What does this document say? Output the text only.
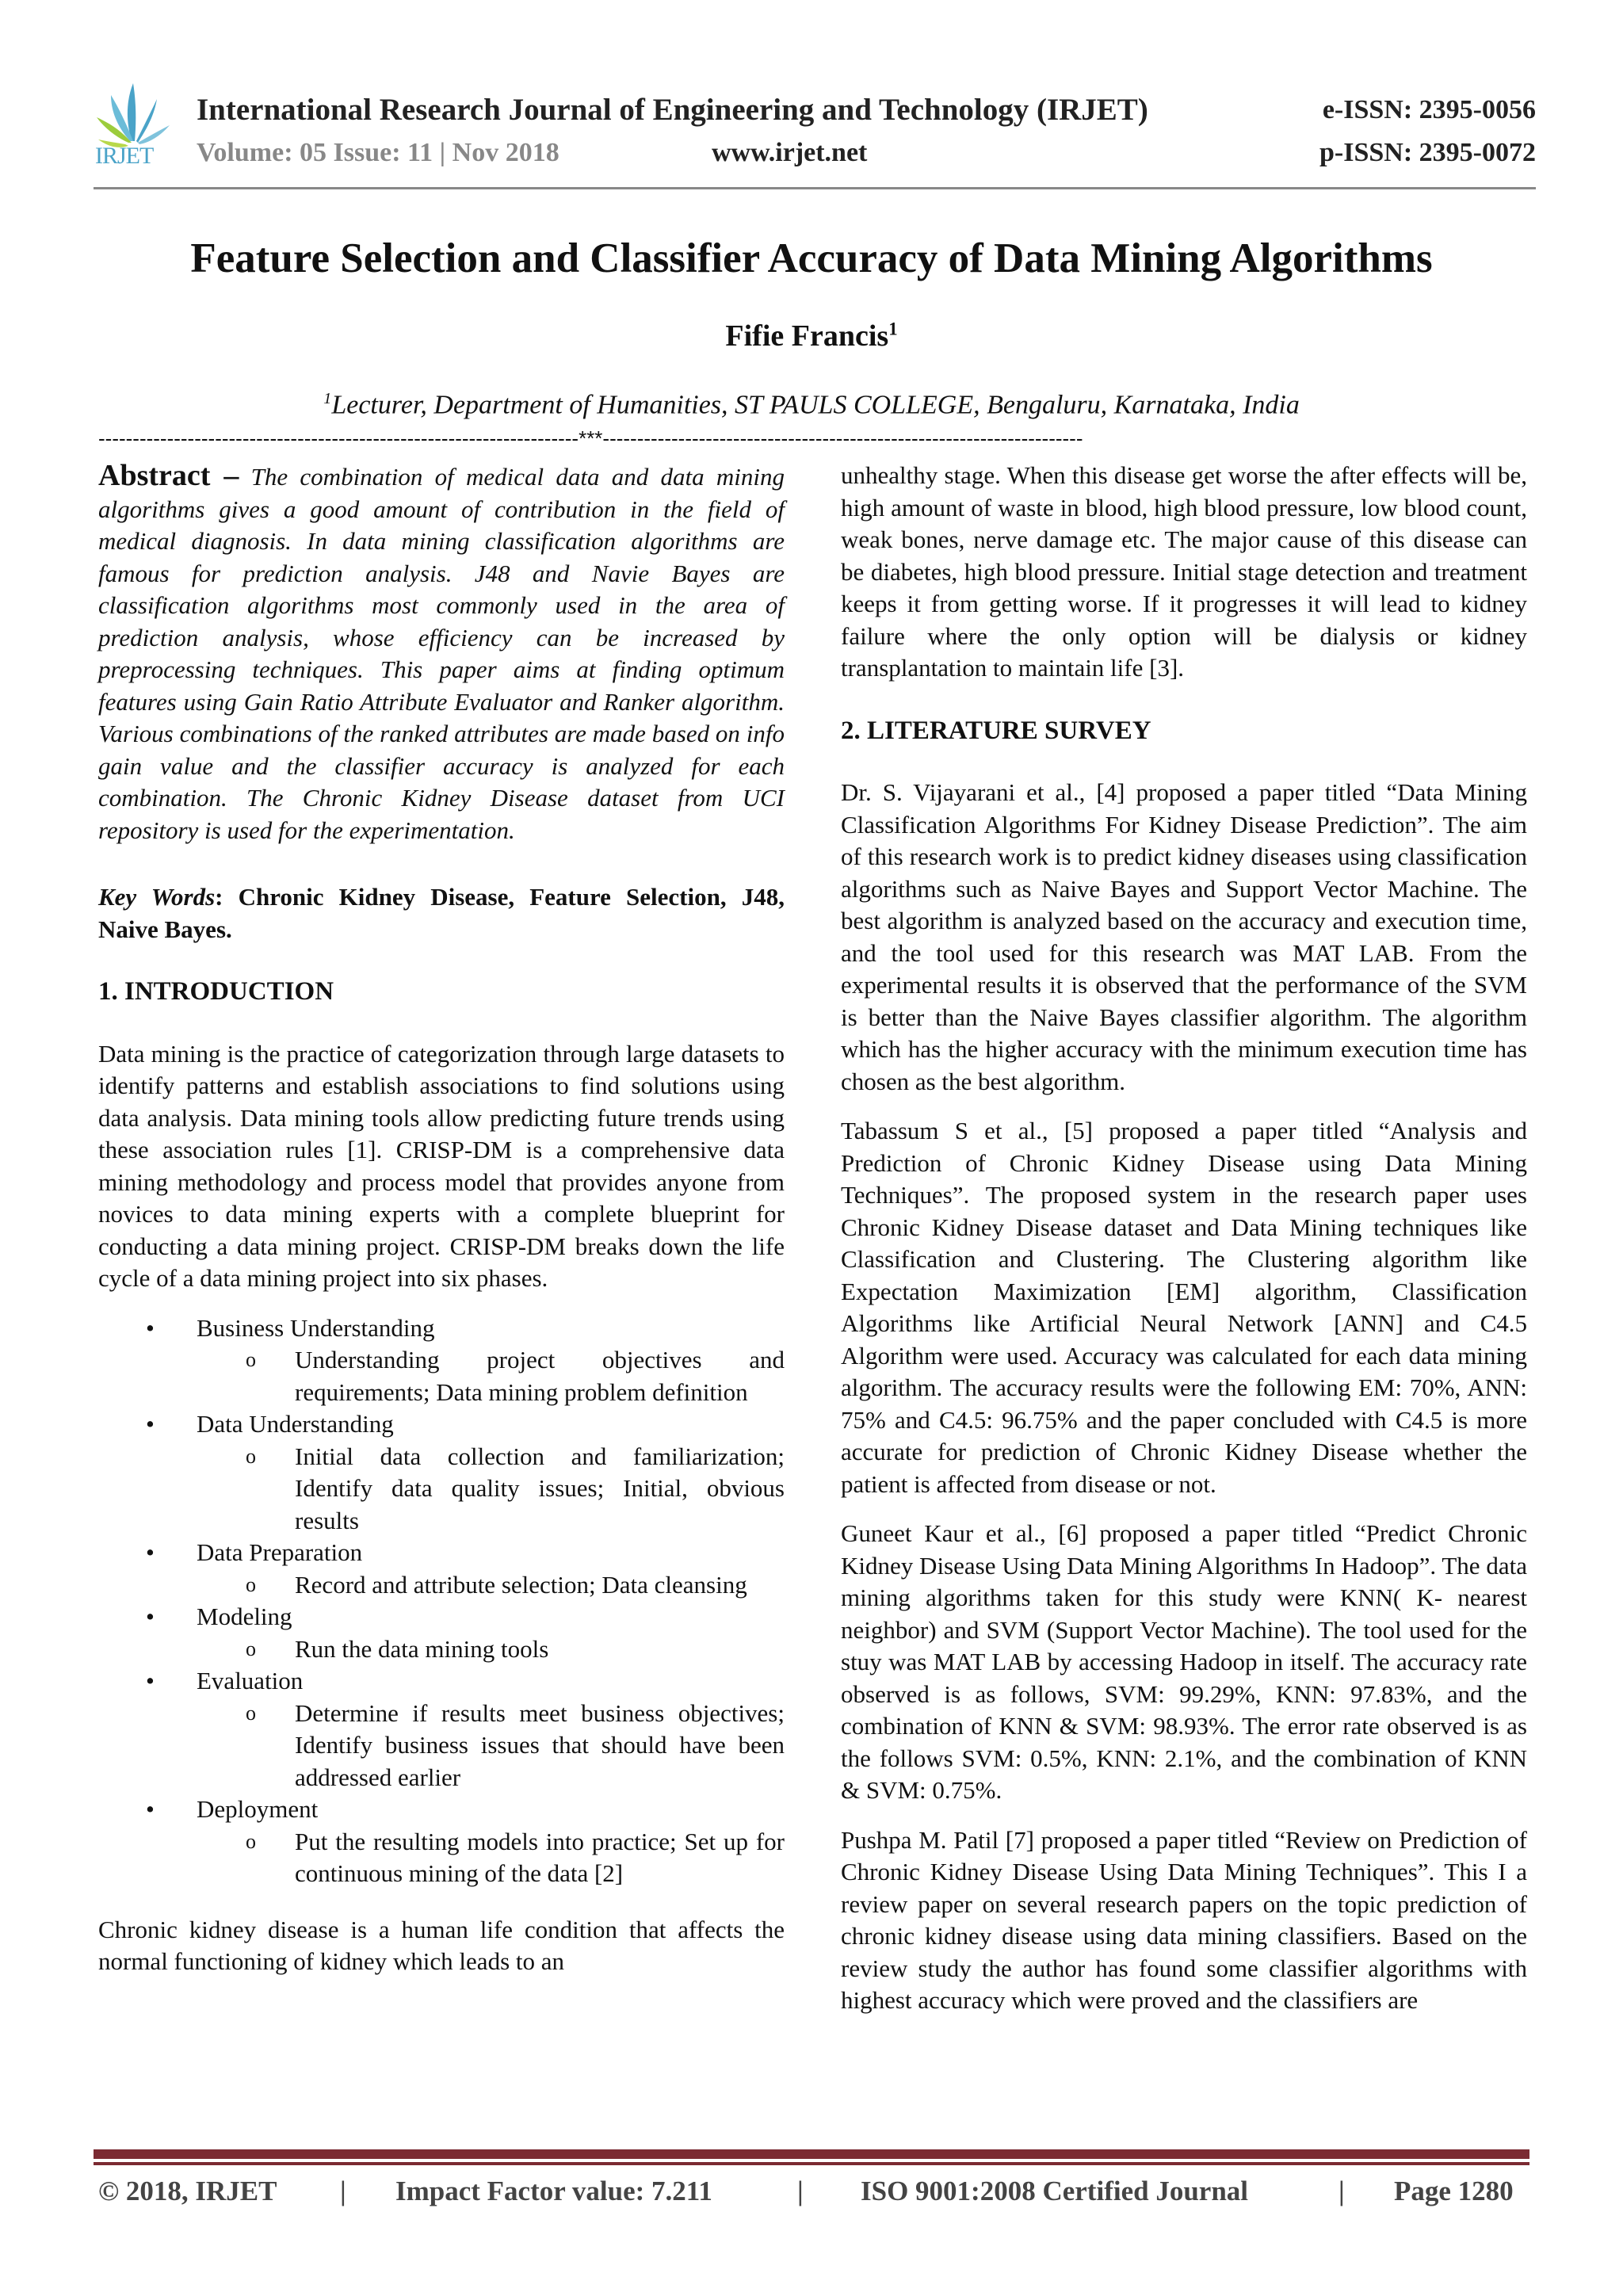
IRJET
International Research Journal of Engineering and Technology (IRJET)	e-ISSN: 2395-0056
Volume: 05 Issue: 11 | Nov 2018	www.irjet.net	p-ISSN: 2395-0072
Feature Selection and Classifier Accuracy of Data Mining Algorithms
Fifie Francis$^1$
$^1$Lecturer, Department of Humanities, ST PAULS COLLEGE, Bengaluru, Karnataka, India
----------------------------------------------------------------------***----------------------------------------------------------------------

Abstract – The combination of medical data and data mining algorithms gives a good amount of contribution in the field of medical diagnosis. In data mining classification algorithms are famous for prediction analysis. J48 and Navie Bayes are classification algorithms most commonly used in the area of prediction analysis, whose efficiency can be increased by preprocessing techniques. This paper aims at finding optimum features using Gain Ratio Attribute Evaluator and Ranker algorithm. Various combinations of the ranked attributes are made based on info gain value and the classifier accuracy is analyzed for each combination. The Chronic Kidney Disease dataset from UCI repository is used for the experimentation.

Key Words: Chronic Kidney Disease, Feature Selection, J48, Naive Bayes.

1. INTRODUCTION

Data mining is the practice of categorization through large datasets to identify patterns and establish associations to find solutions using data analysis. Data mining tools allow predicting future trends using these association rules [1]. CRISP-DM is a comprehensive data mining methodology and process model that provides anyone from novices to data mining experts with a complete blueprint for conducting a data mining project. CRISP-DM breaks down the life cycle of a data mining project into six phases.

• Business Understanding
o Understanding project objectives and requirements; Data mining problem definition
• Data Understanding
o Initial data collection and familiarization; Identify data quality issues; Initial, obvious results
• Data Preparation
o Record and attribute selection; Data cleansing
• Modeling
o Run the data mining tools
• Evaluation
o Determine if results meet business objectives; Identify business issues that should have been addressed earlier
• Deployment
o Put the resulting models into practice; Set up for continuous mining of the data [2]

Chronic kidney disease is a human life condition that affects the normal functioning of kidney which leads to an

unhealthy stage. When this disease get worse the after effects will be, high amount of waste in blood, high blood pressure, low blood count, weak bones, nerve damage etc. The major cause of this disease can be diabetes, high blood pressure. Initial stage detection and treatment keeps it from getting worse. If it progresses it will lead to kidney failure where the only option will be dialysis or kidney transplantation to maintain life [3].

2. LITERATURE SURVEY

Dr. S. Vijayarani et al., [4] proposed a paper titled “Data Mining Classification Algorithms For Kidney Disease Prediction”. The aim of this research work is to predict kidney diseases using classification algorithms such as Naive Bayes and Support Vector Machine. The best algorithm is analyzed based on the accuracy and execution time, and the tool used for this research was MAT LAB. From the experimental results it is observed that the performance of the SVM is better than the Naive Bayes classifier algorithm. The algorithm which has the higher accuracy with the minimum execution time has chosen as the best algorithm.

Tabassum S et al., [5] proposed a paper titled “Analysis and Prediction of Chronic Kidney Disease using Data Mining Techniques”. The proposed system in the research paper uses Chronic Kidney Disease dataset and Data Mining techniques like Classification and Clustering. The Clustering algorithm like Expectation Maximization [EM] algorithm, Classification Algorithms like Artificial Neural Network [ANN] and C4.5 Algorithm were used. Accuracy was calculated for each data mining algorithm. The accuracy results were the following EM: 70%, ANN: 75% and C4.5: 96.75% and the paper concluded with C4.5 is more accurate for prediction of Chronic Kidney Disease whether the patient is affected from disease or not.

Guneet Kaur et al., [6] proposed a paper titled “Predict Chronic Kidney Disease Using Data Mining Algorithms In Hadoop”. The data mining algorithms taken for this study were KNN( K- nearest neighbor) and SVM (Support Vector Machine). The tool used for the stuy was MAT LAB by accessing Hadoop in itself. The accuracy rate observed is as follows, SVM: 99.29%, KNN: 97.83%, and the combination of KNN & SVM: 98.93%. The error rate observed is as the follows SVM: 0.5%, KNN: 2.1%, and the combination of KNN & SVM: 0.75%.

Pushpa M. Patil [7] proposed a paper titled “Review on Prediction of Chronic Kidney Disease Using Data Mining Techniques”. This I a review paper on several research papers on the topic prediction of chronic kidney disease using data mining classifiers. Based on the review study the author has found some classifier algorithms with highest accuracy which were proved and the classifiers are

© 2018, IRJET | Impact Factor value: 7.211	| ISO 9001:2008 Certified Journal	| Page 1280
